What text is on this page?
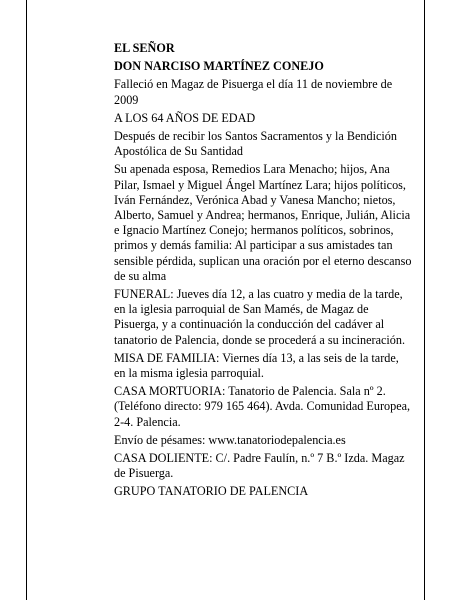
EL SEÑOR

DON NARCISO MARTÍNEZ CONEJO

Falleció en Magaz de Pisuerga el día 11 de noviembre de 2009

A LOS 64 AÑOS DE EDAD

Después de recibir los Santos Sacramentos y la Bendición Apostólica de Su Santidad

Su apenada esposa, Remedios Lara Menacho; hijos, Ana Pilar, Ismael y Miguel Ángel Martínez Lara; hijos políticos, Iván Fernández, Verónica Abad y Vanesa Mancho; nietos, Alberto, Samuel y Andrea; hermanos, Enrique, Julián, Alicia e Ignacio Martínez Conejo; hermanos políticos, sobrinos, primos y demás familia: Al participar a sus amistades tan sensible pérdida, suplican una oración por el eterno descanso de su alma

FUNERAL: Jueves día 12, a las cuatro y media de la tarde, en la iglesia parroquial de San Mamés, de Magaz de Pisuerga, y a continuación la conducción del cadáver al tanatorio de Palencia, donde se procederá a su incineración.

MISA DE FAMILIA: Viernes día 13, a las seis de la tarde, en la misma iglesia parroquial.

CASA MORTUORIA: Tanatorio de Palencia. Sala nº 2. (Teléfono directo: 979 165 464). Avda. Comunidad Europea, 2-4. Palencia.

Envío de pésames: www.tanatoriodepalencia.es

CASA DOLIENTE: C/. Padre Faulín, n.º 7 B.º Izda. Magaz de Pisuerga.

GRUPO TANATORIO DE PALENCIA
